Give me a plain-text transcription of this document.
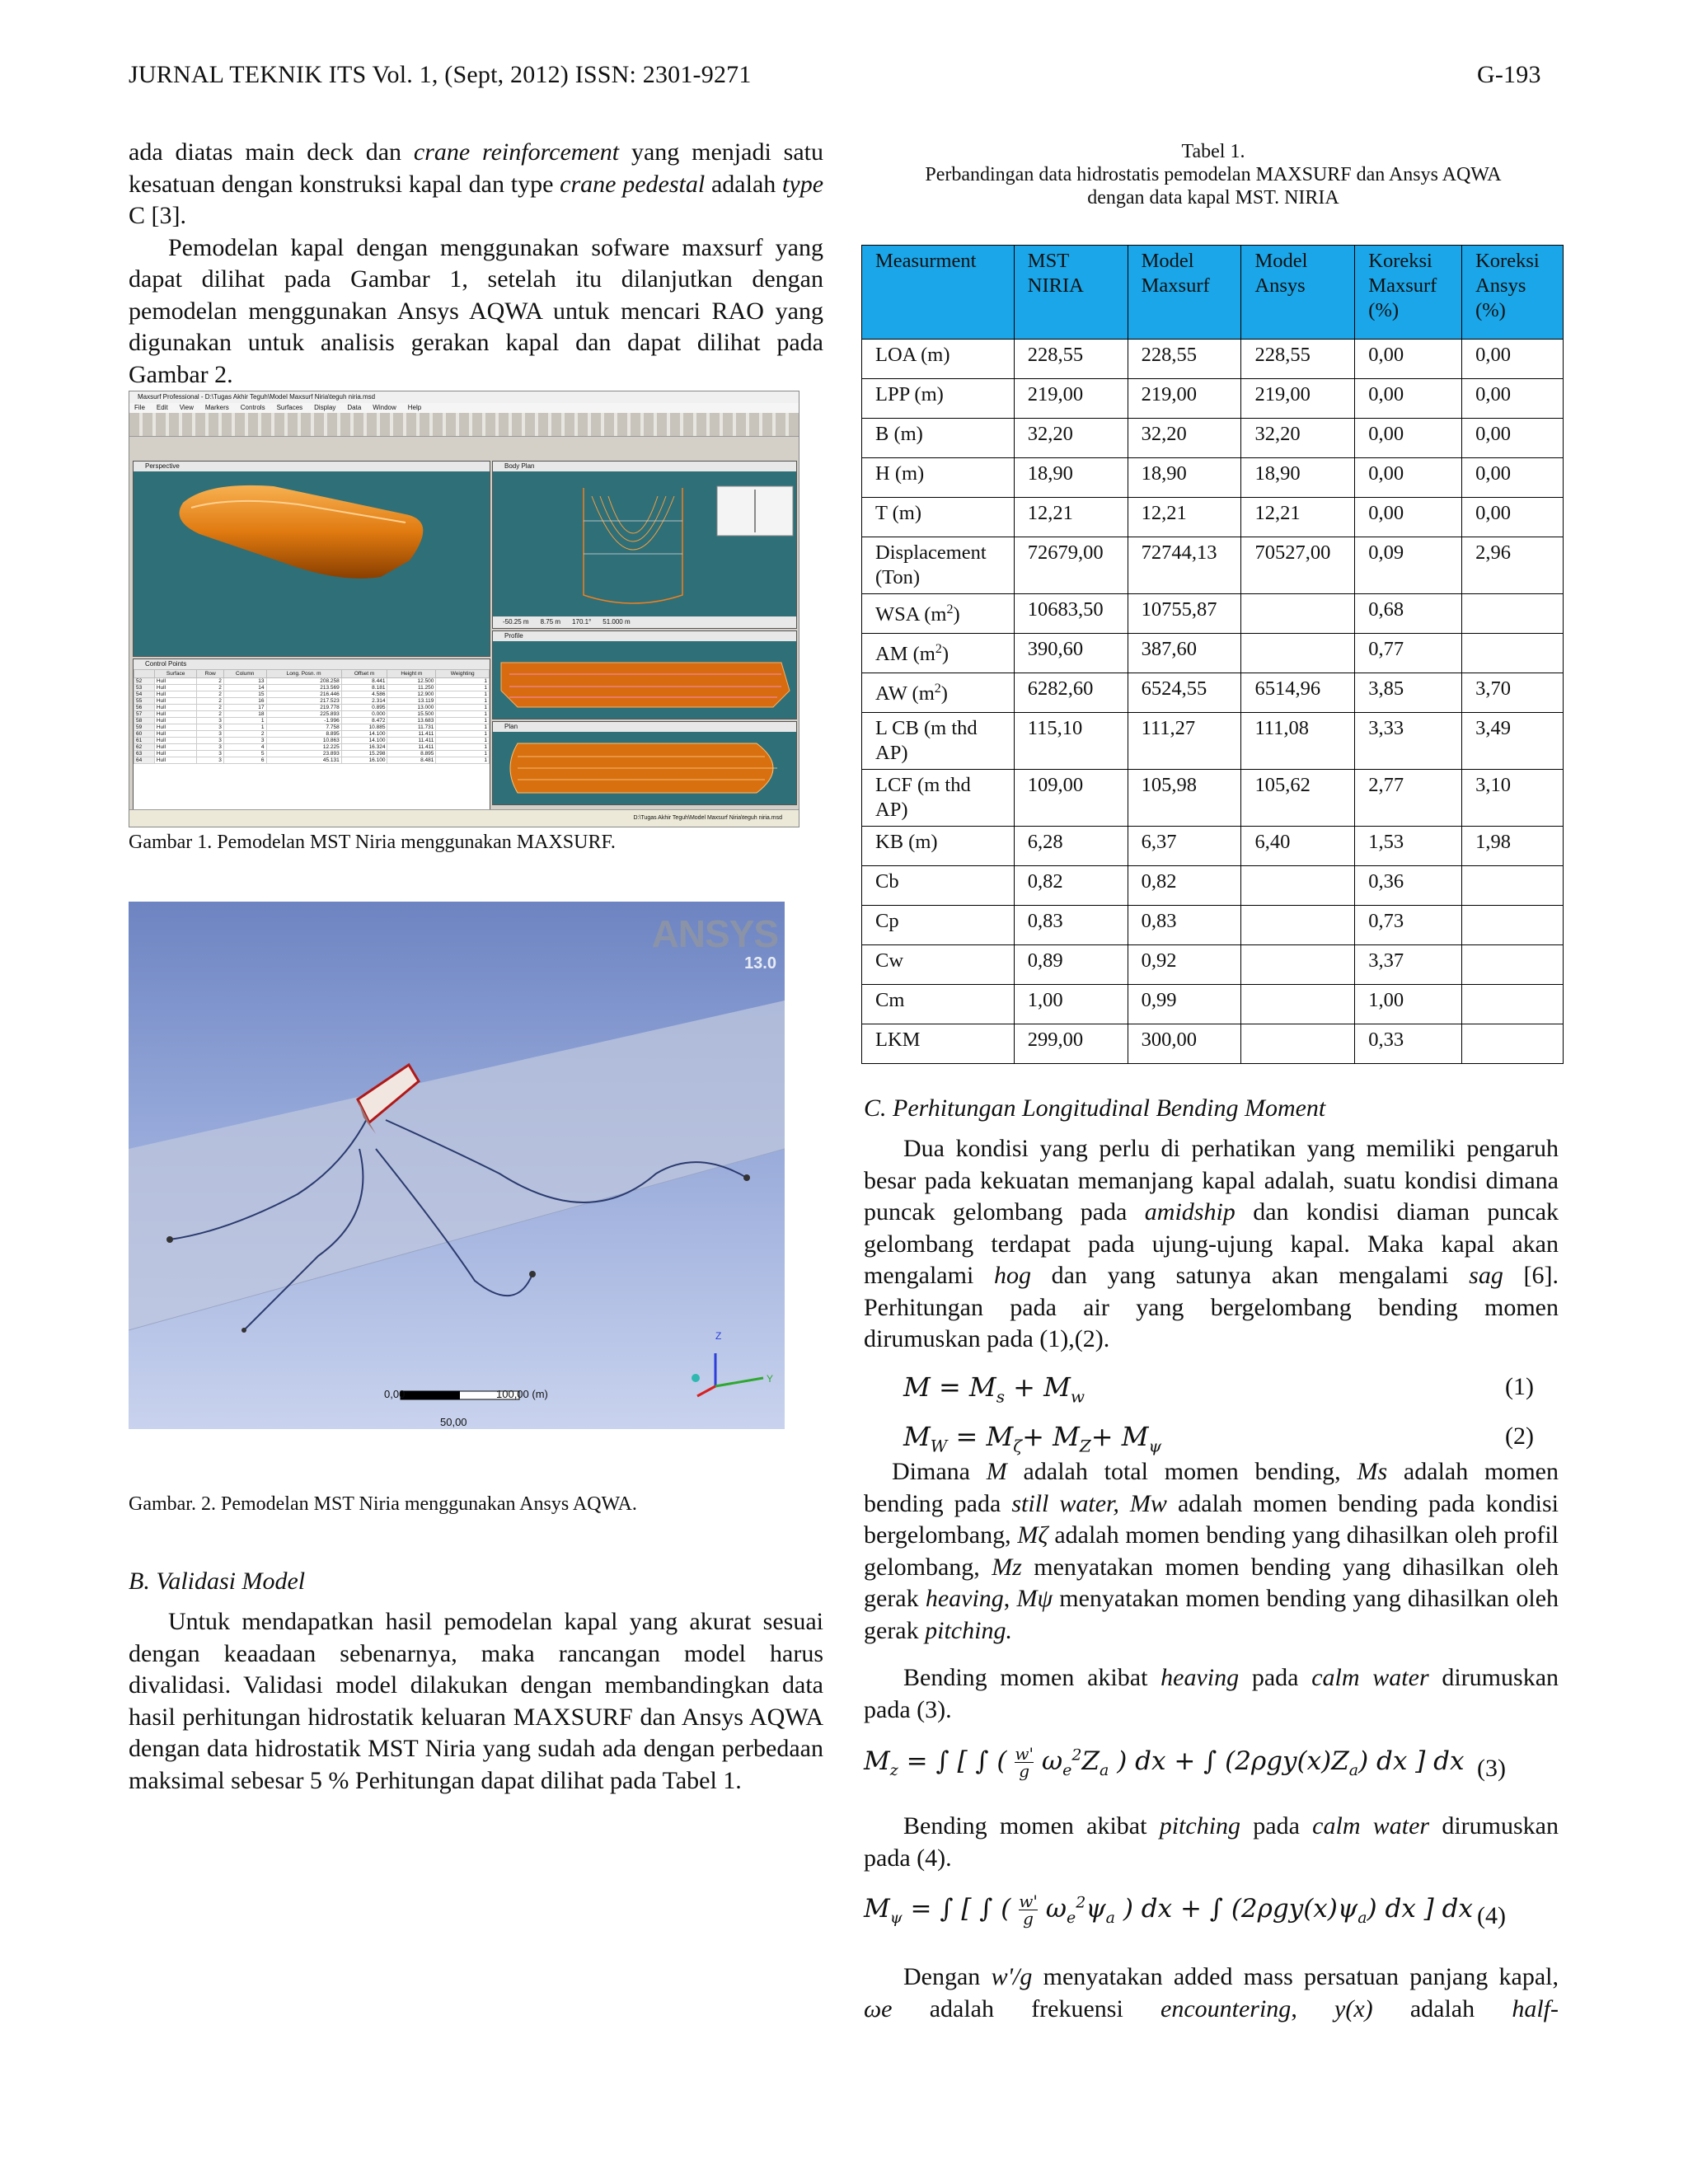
JURNAL TEKNIK ITS Vol. 1, (Sept, 2012) ISSN: 2301-9271	G-193

ada diatas main deck dan crane reinforcement yang menjadi satu kesatuan dengan konstruksi kapal dan type crane pedestal adalah type C [3].

Pemodelan kapal dengan menggunakan sofware maxsurf yang dapat dilihat pada Gambar 1, setelah itu dilanjutkan dengan pemodelan menggunakan Ansys AQWA untuk mencari RAO yang digunakan untuk analisis gerakan kapal dan dapat dilihat pada Gambar 2.

Maxsurf Professional - D:\Tugas Akhir Teguh\Model Maxsurf Niria\teguh niria.msd
File Edit View Markers Controls Surfaces Display Data Window Help
Perspective	Body Plan
-50.25 m 8.75 m 170.1° 51.000 m
Profile
Plan
Control Points
	Surface	Row	Column	Long. Posn. m	Offset m	Height m	Weighting
52	Hull	2	13	208.258	8.441	12.500	1
53	Hull	2	14	213.569	8.181	11.250	1
54	Hull	2	15	216.446	4.586	12.900	1
55	Hull	2	16	217.523	2.314	13.119	1
56	Hull	2	17	219.778	0.895	13.000	1
57	Hull	2	18	225.893	0.000	15.500	1
58	Hull	3	1	-1.996	8.472	13.683	1
59	Hull	3	1	7.758	10.885	11.731	1
60	Hull	3	2	8.895	14.100	11.411	1
61	Hull	3	3	10.863	14.100	11.411	1
62	Hull	3	4	12.225	16.324	11.411	1
63	Hull	3	5	23.893	15.298	8.895	1
64	Hull	3	6	45.131	16.100	8.481	1
D:\Tugas Akhir Teguh\Model Maxsurf Niria\teguh niria.msd
Gambar 1. Pemodelan MST Niria menggunakan MAXSURF.
ANSYS
13.0
Z
Y
0,00	100,00 (m)
50,00
Gambar. 2. Pemodelan MST Niria menggunakan Ansys AQWA.
B. Validasi Model

Untuk mendapatkan hasil pemodelan kapal yang akurat sesuai dengan keaadaan sebenarnya, maka rancangan model harus divalidasi. Validasi model dilakukan dengan membandingkan data hasil perhitungan hidrostatik keluaran MAXSURF dan Ansys AQWA dengan data hidrostatik MST Niria yang sudah ada dengan perbedaan maksimal sebesar 5 % Perhitungan dapat dilihat pada Tabel 1.

Tabel 1.
Perbandingan data hidrostatis pemodelan MAXSURF dan Ansys AQWA
dengan data kapal MST. NIRIA
Measurment	MST NIRIA	Model Maxsurf	Model Ansys	Koreksi Maxsurf (%)	Koreksi Ansys (%)
LOA (m)	228,55	228,55	228,55	0,00	0,00
LPP (m)	219,00	219,00	219,00	0,00	0,00
B (m)	32,20	32,20	32,20	0,00	0,00
H (m)	18,90	18,90	18,90	0,00	0,00
T (m)	12,21	12,21	12,21	0,00	0,00
Displacement (Ton)	72679,00	72744,13	70527,00	0,09	2,96
WSA $(m^2)$	10683,50	10755,87		0,68	
AM $(m^2)$	390,60	387,60		0,77	
AW $(m^2)$	6282,60	6524,55	6514,96	3,85	3,70
L CB (m thd AP)	115,10	111,27	111,08	3,33	3,49
LCF (m thd AP)	109,00	105,98	105,62	2,77	3,10
KB (m)	6,28	6,37	6,40	1,53	1,98
Cb	0,82	0,82		0,36	
Cp	0,83	0,83		0,73	
Cw	0,89	0,92		3,37	
Cm	1,00	0,99		1,00	
LKM	299,00	300,00		0,33	
C. Perhitungan Longitudinal Bending Moment

Dua kondisi yang perlu di perhatikan yang memiliki pengaruh besar pada kekuatan memanjang kapal adalah, suatu kondisi dimana puncak gelombang pada amidship dan kondisi diaman puncak gelombang terdapat pada ujung-ujung kapal. Maka kapal akan mengalami hog dan yang satunya akan mengalami sag [6]. Perhitungan pada air yang bergelombang bending momen dirumuskan pada (1),(2).

$M = M_s + M_w$	(1)
$M_W = M_\zeta+ M_Z+ M_\psi$	(2)

Dimana M adalah total momen bending, Ms adalah momen bending pada still water, Mw adalah momen bending pada kondisi bergelombang, Mζ adalah momen bending yang dihasilkan oleh profil gelombang, Mz menyatakan momen bending yang dihasilkan oleh gerak heaving, Mψ menyatakan momen bending yang dihasilkan oleh gerak pitching.

Bending momen akibat heaving pada calm water dirumuskan pada (3).

$M_z$ = ∫ [ ∫ ( $\frac{w'}{g} \omega_e^2Z_a$ ) dx + ∫ $(2\rho gy(x)Z_a)$ dx ] dx (3)

Bending momen akibat pitching pada calm water dirumuskan pada (4).

$M_\psi$ = ∫ [ ∫ ( $\frac{w'}{g} \omega_e^2\psi_a$ ) dx + ∫ $(2\rho gy(x)\psi_a)$ dx ] dx (4)

Dengan w'/g menyatakan added mass persatuan panjang kapal, ωe adalah frekuensi encountering, y(x) adalah half-
